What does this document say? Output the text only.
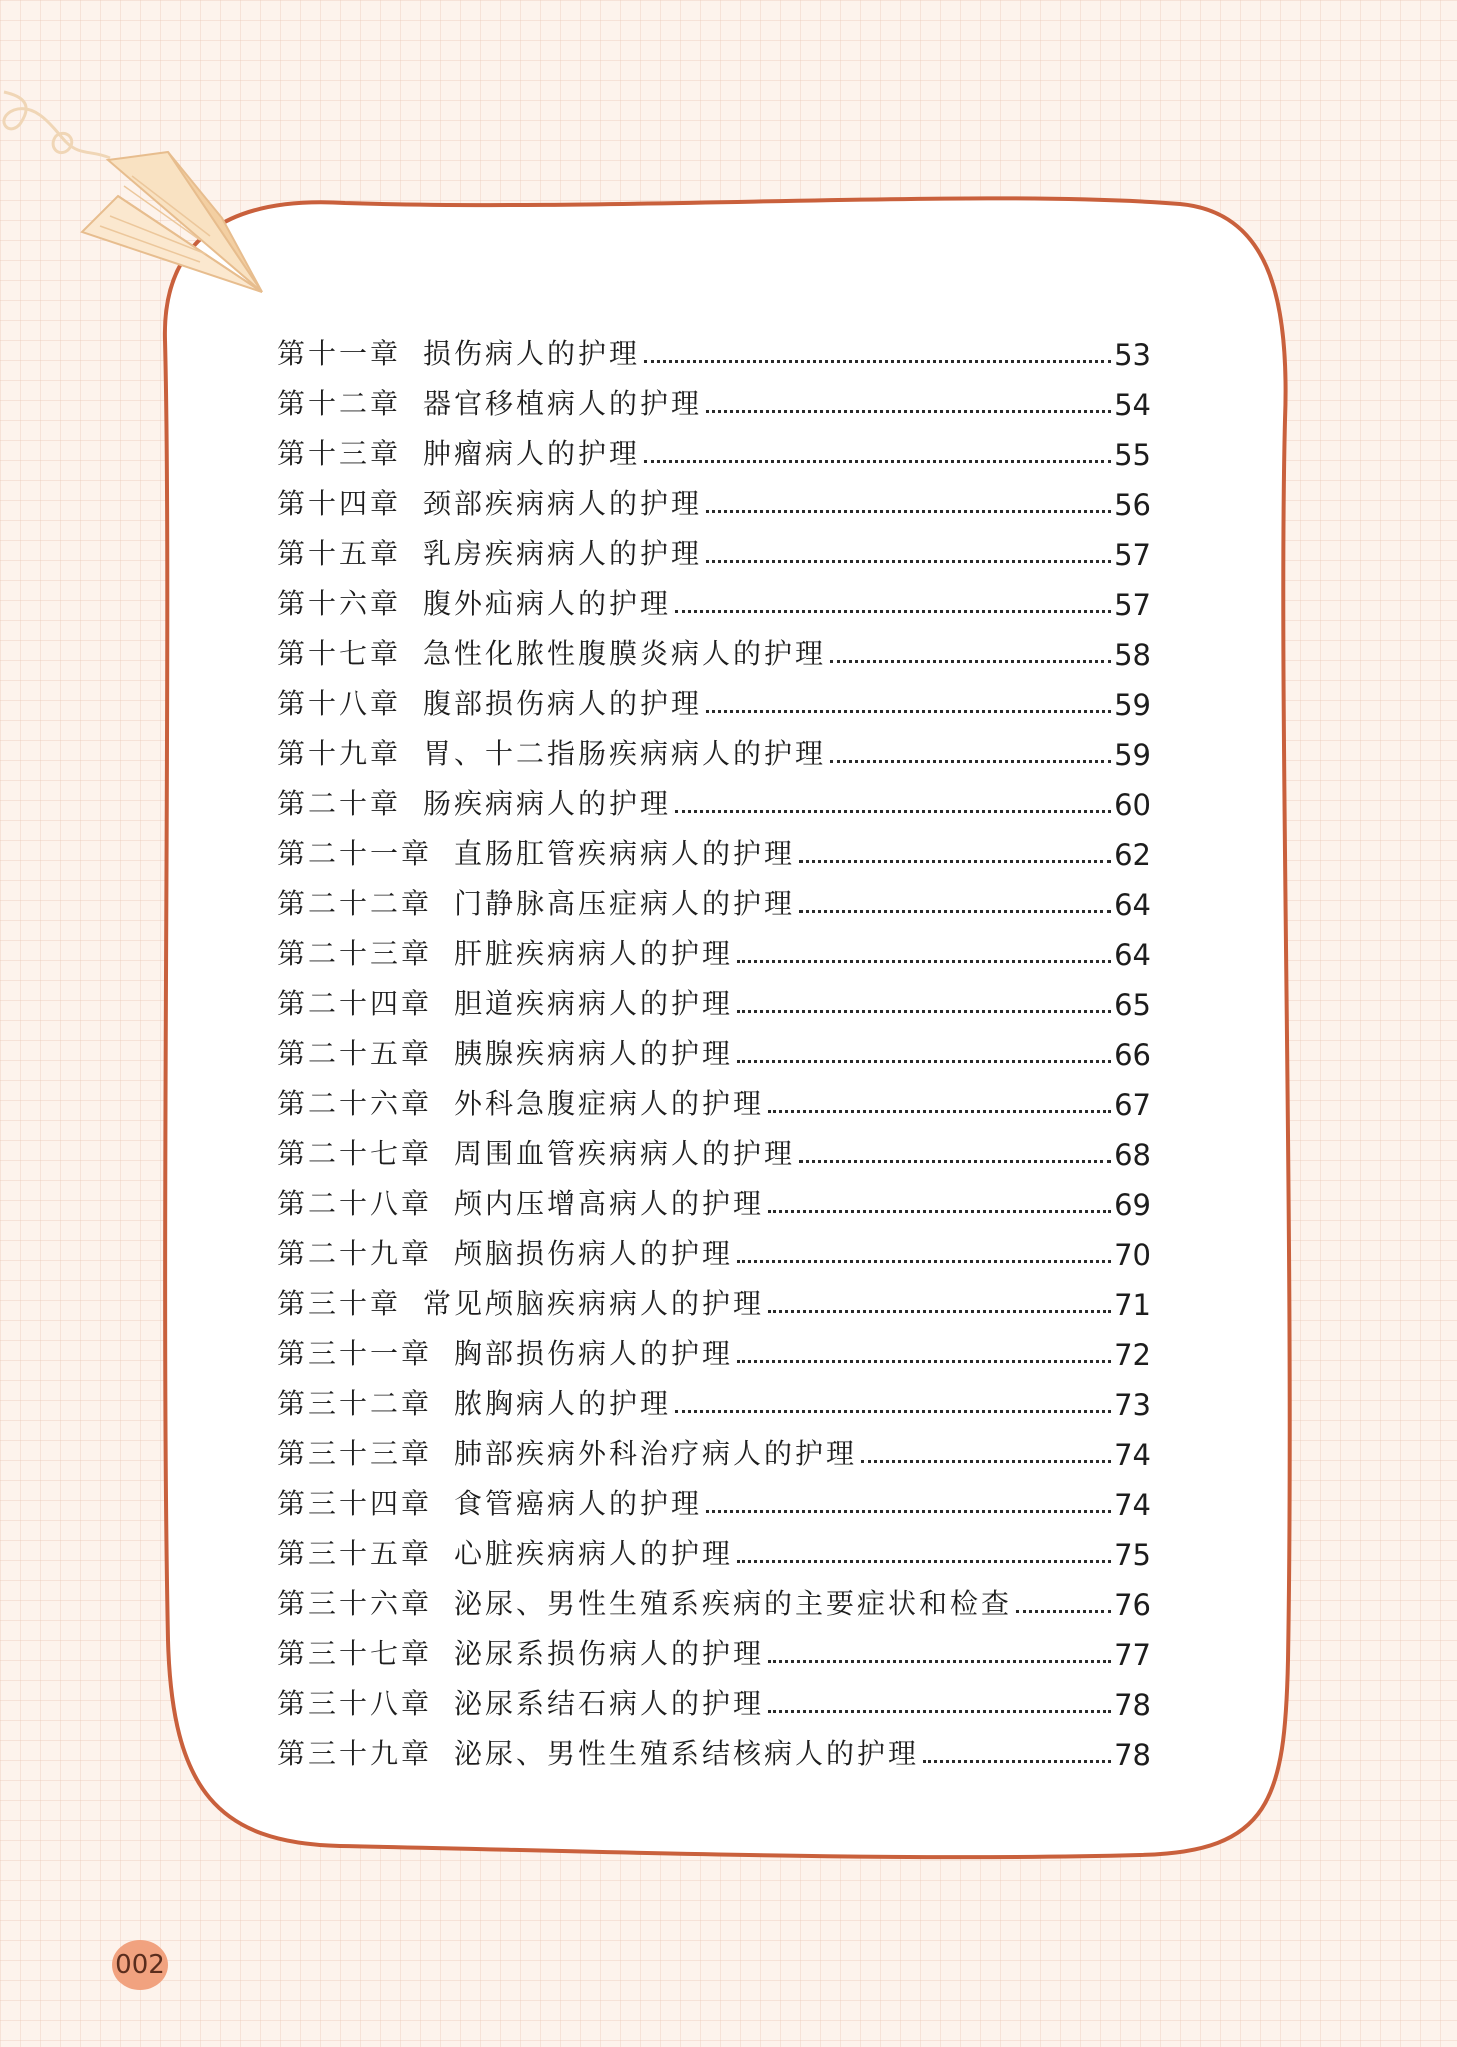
第十一章 损伤病人的护理	53
第十二章 器官移植病人的护理	54
第十三章 肿瘤病人的护理	55
第十四章 颈部疾病病人的护理	56
第十五章 乳房疾病病人的护理	57
第十六章 腹外疝病人的护理	57
第十七章 急性化脓性腹膜炎病人的护理	58
第十八章 腹部损伤病人的护理	59
第十九章 胃、十二指肠疾病病人的护理	59
第二十章 肠疾病病人的护理	60
第二十一章 直肠肛管疾病病人的护理	62
第二十二章 门静脉高压症病人的护理	64
第二十三章 肝脏疾病病人的护理	64
第二十四章 胆道疾病病人的护理	65
第二十五章 胰腺疾病病人的护理	66
第二十六章 外科急腹症病人的护理	67
第二十七章 周围血管疾病病人的护理	68
第二十八章 颅内压增高病人的护理	69
第二十九章 颅脑损伤病人的护理	70
第三十章 常见颅脑疾病病人的护理	71
第三十一章 胸部损伤病人的护理	72
第三十二章 脓胸病人的护理	73
第三十三章 肺部疾病外科治疗病人的护理	74
第三十四章 食管癌病人的护理	74
第三十五章 心脏疾病病人的护理	75
第三十六章 泌尿、男性生殖系疾病的主要症状和检查	76
第三十七章 泌尿系损伤病人的护理	77
第三十八章 泌尿系结石病人的护理	78
第三十九章 泌尿、男性生殖系结核病人的护理	78
002
